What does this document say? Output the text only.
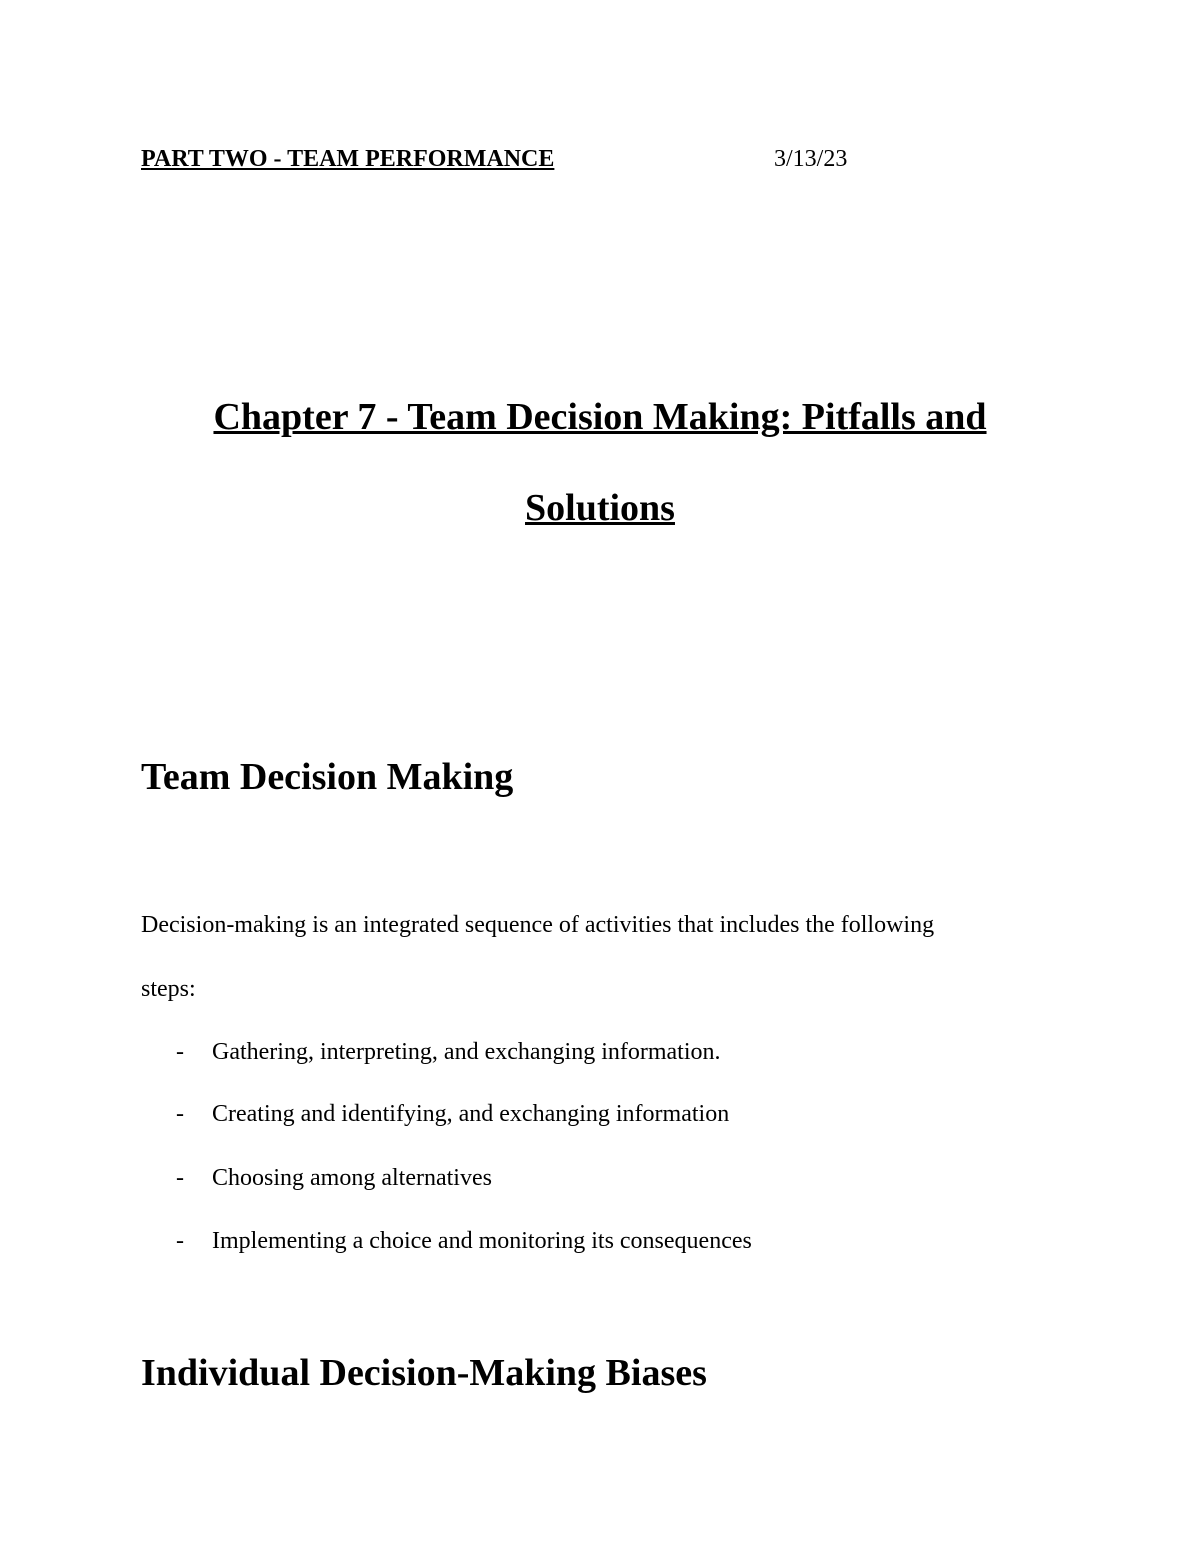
PART TWO - TEAM PERFORMANCE	3/13/23
Chapter 7 - Team Decision Making: Pitfalls and
Solutions
Team Decision Making
Decision-making is an integrated sequence of activities that includes the following
steps:
- Gathering, interpreting, and exchanging information.
- Creating and identifying, and exchanging information
- Choosing among alternatives
- Implementing a choice and monitoring its consequences
Individual Decision-Making Biases
